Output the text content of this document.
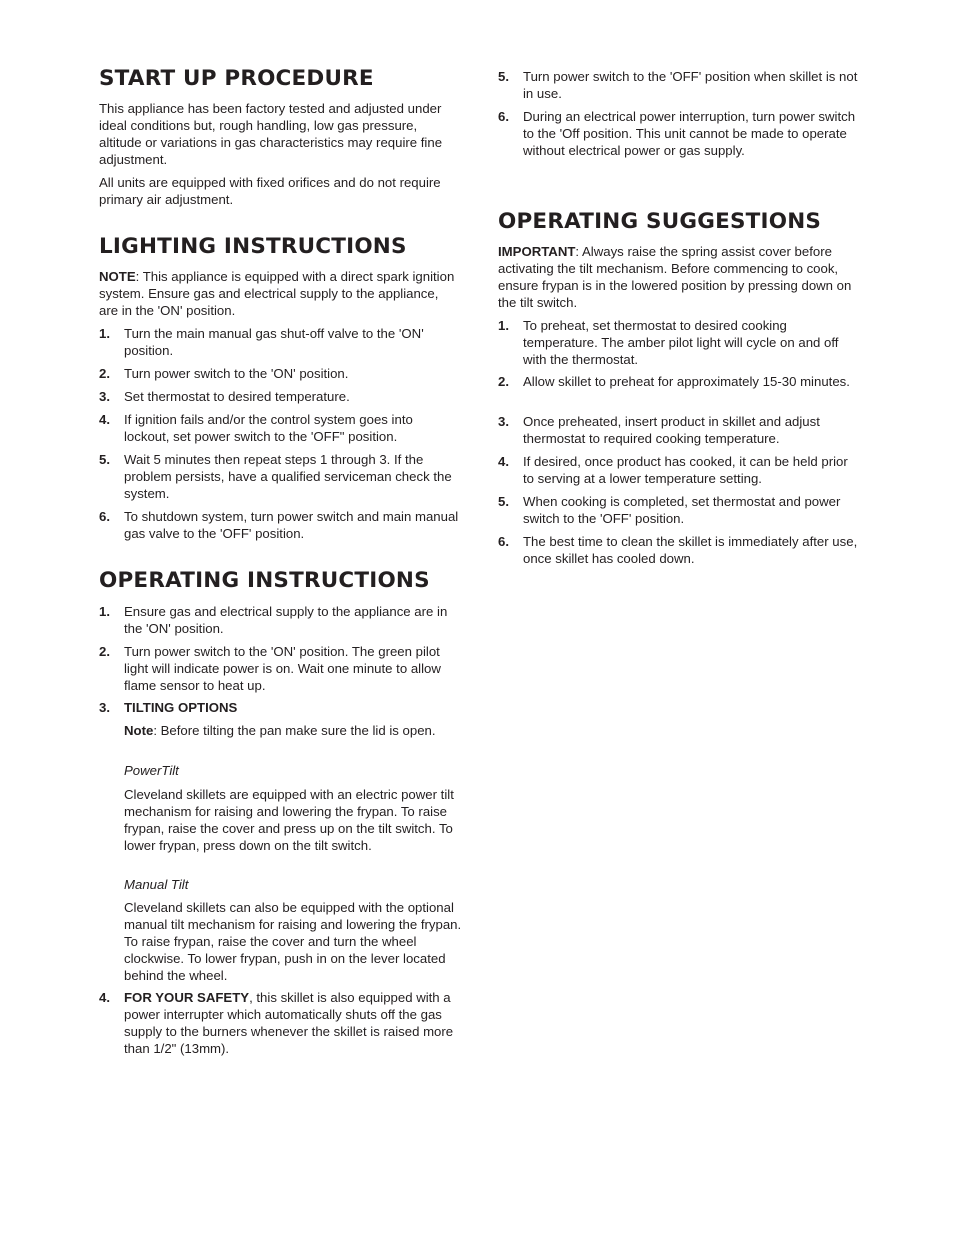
START UP PROCEDURE

This appliance has been factory tested and adjusted under ideal conditions but, rough handling, low gas pressure, altitude or variations in gas characteristics may require fine adjustment.

All units are equipped with fixed orifices and do not require primary air adjustment.

LIGHTING INSTRUCTIONS

NOTE: This appliance is equipped with a direct spark ignition system. Ensure gas and electrical supply to the appliance, are in the 'ON' position.

1. Turn the main manual gas shut-off valve to the 'ON' position.
2. Turn power switch to the 'ON' position.
3. Set thermostat to desired temperature.
4. If ignition fails and/or the control system goes into lockout, set power switch to the 'OFF" position.
5. Wait 5 minutes then repeat steps 1 through 3. If the problem persists, have a qualified serviceman check the system.
6. To shutdown system, turn power switch and main manual gas valve to the 'OFF' position.
OPERATING INSTRUCTIONS
1. Ensure gas and electrical supply to the appliance are in the 'ON' position.
2. Turn power switch to the 'ON' position. The green pilot light will indicate power is on. Wait one minute to allow flame sensor to heat up.
3. TILTING OPTIONS

Note: Before tilting the pan make sure the lid is open.

PowerTilt

Cleveland skillets are equipped with an electric power tilt mechanism for raising and lowering the frypan. To raise frypan, raise the cover and press up on the tilt switch. To lower frypan, press down on the tilt switch.

Manual Tilt

Cleveland skillets can also be equipped with the optional manual tilt mechanism for raising and lowering the frypan. To raise frypan, raise the cover and turn the wheel clockwise. To lower frypan, push in on the lever located behind the wheel.

4. FOR YOUR SAFETY, this skillet is also equipped with a power interrupter which automatically shuts off the gas supply to the burners whenever the skillet is raised more than 1/2" (13mm).
5. Turn power switch to the 'OFF' position when skillet is not in use.
6. During an electrical power interruption, turn power switch to the 'Off position. This unit cannot be made to operate without electrical power or gas supply.
OPERATING SUGGESTIONS

IMPORTANT: Always raise the spring assist cover before activating the tilt mechanism. Before commencing to cook, ensure frypan is in the lowered position by pressing down on the tilt switch.

1. To preheat, set thermostat to desired cooking temperature. The amber pilot light will cycle on and off with the thermostat.
2. Allow skillet to preheat for approximately 15-30 minutes.
3. Once preheated, insert product in skillet and adjust thermostat to required cooking temperature.
4. If desired, once product has cooked, it can be held prior to serving at a lower temperature setting.
5. When cooking is completed, set thermostat and power switch to the 'OFF' position.
6. The best time to clean the skillet is immediately after use, once skillet has cooled down.
